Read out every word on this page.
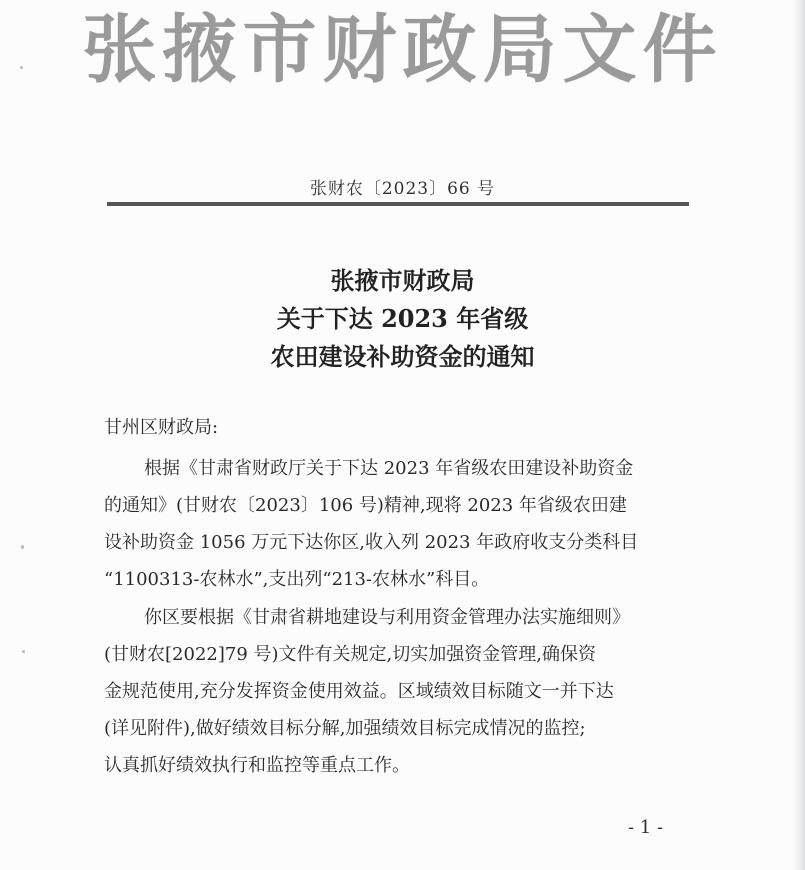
张掖市财政局文件
张财农〔2023〕66 号
张掖市财政局
关于下达 2023 年省级
农田建设补助资金的通知
甘州区财政局:
根据《甘肃省财政厅关于下达 2023 年省级农田建设补助资金
的通知》(甘财农〔2023〕106 号)精神,现将 2023 年省级农田建
设补助资金 1056 万元下达你区,收入列 2023 年政府收支分类科目
“1100313-农林水”,支出列“213-农林水”科目。
你区要根据《甘肃省耕地建设与利用资金管理办法实施细则》
(甘财农[2022]79 号)文件有关规定,切实加强资金管理,确保资
金规范使用,充分发挥资金使用效益。区域绩效目标随文一并下达
(详见附件),做好绩效目标分解,加强绩效目标完成情况的监控;
认真抓好绩效执行和监控等重点工作。
- 1 -
